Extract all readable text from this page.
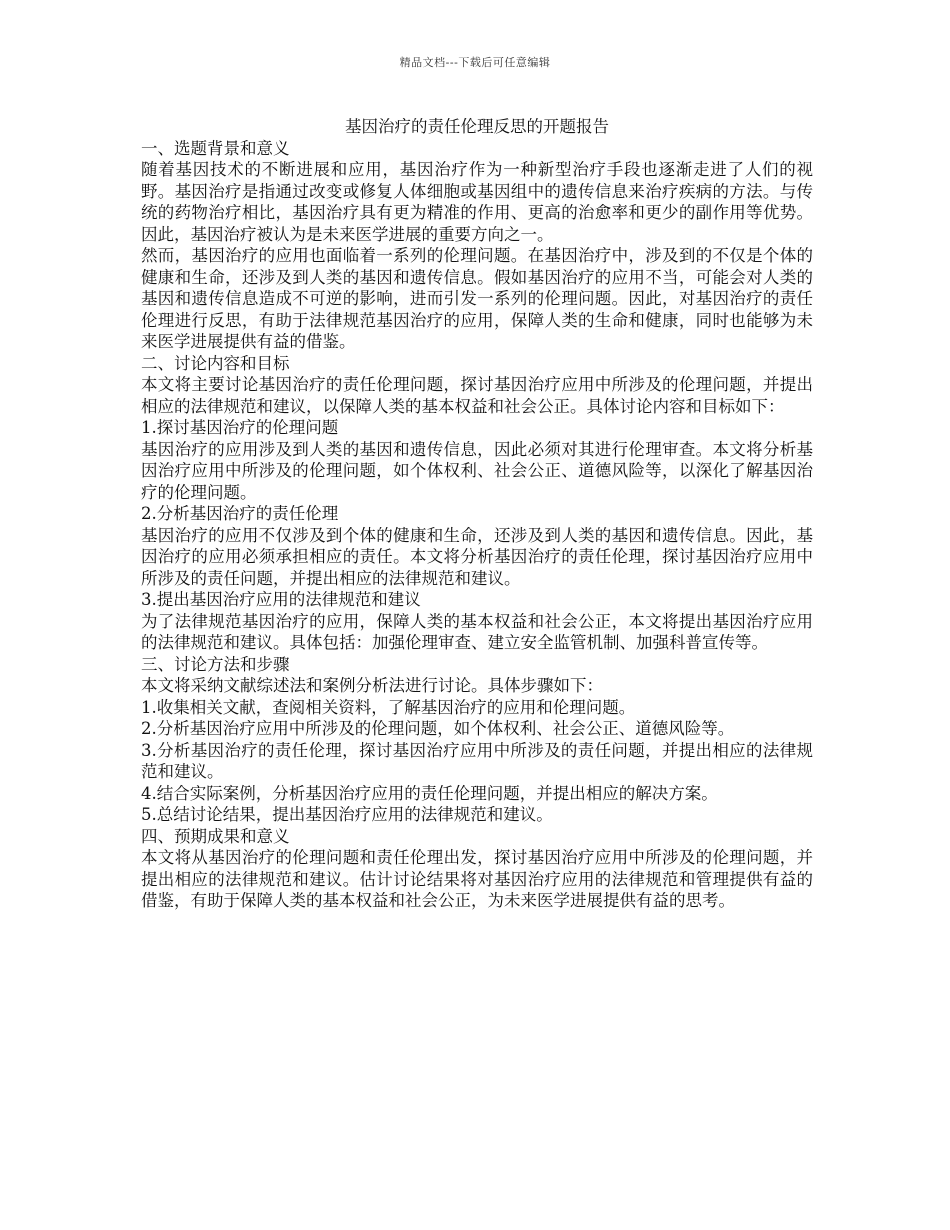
精品文档---下载后可任意编辑
基因治疗的责任伦理反思的开题报告
一、选题背景和意义
随着基因技术的不断进展和应用，基因治疗作为一种新型治疗手段也逐渐走进了人们的视野。基因治疗是指通过改变或修复人体细胞或基因组中的遗传信息来治疗疾病的方法。与传统的药物治疗相比，基因治疗具有更为精准的作用、更高的治愈率和更少的副作用等优势。因此，基因治疗被认为是未来医学进展的重要方向之一。
然而，基因治疗的应用也面临着一系列的伦理问题。在基因治疗中，涉及到的不仅是个体的健康和生命，还涉及到人类的基因和遗传信息。假如基因治疗的应用不当，可能会对人类的基因和遗传信息造成不可逆的影响，进而引发一系列的伦理问题。因此，对基因治疗的责任伦理进行反思，有助于法律规范基因治疗的应用，保障人类的生命和健康，同时也能够为未来医学进展提供有益的借鉴。
二、讨论内容和目标
本文将主要讨论基因治疗的责任伦理问题，探讨基因治疗应用中所涉及的伦理问题，并提出相应的法律规范和建议，以保障人类的基本权益和社会公正。具体讨论内容和目标如下：
1.探讨基因治疗的伦理问题
基因治疗的应用涉及到人类的基因和遗传信息，因此必须对其进行伦理审查。本文将分析基因治疗应用中所涉及的伦理问题，如个体权利、社会公正、道德风险等，以深化了解基因治疗的伦理问题。
2.分析基因治疗的责任伦理
基因治疗的应用不仅涉及到个体的健康和生命，还涉及到人类的基因和遗传信息。因此，基因治疗的应用必须承担相应的责任。本文将分析基因治疗的责任伦理，探讨基因治疗应用中所涉及的责任问题，并提出相应的法律规范和建议。
3.提出基因治疗应用的法律规范和建议
为了法律规范基因治疗的应用，保障人类的基本权益和社会公正，本文将提出基因治疗应用的法律规范和建议。具体包括：加强伦理审查、建立安全监管机制、加强科普宣传等。
三、讨论方法和步骤
本文将采纳文献综述法和案例分析法进行讨论。具体步骤如下：
1.收集相关文献，查阅相关资料，了解基因治疗的应用和伦理问题。
2.分析基因治疗应用中所涉及的伦理问题，如个体权利、社会公正、道德风险等。
3.分析基因治疗的责任伦理，探讨基因治疗应用中所涉及的责任问题，并提出相应的法律规范和建议。
4.结合实际案例，分析基因治疗应用的责任伦理问题，并提出相应的解决方案。
5.总结讨论结果，提出基因治疗应用的法律规范和建议。
四、预期成果和意义
本文将从基因治疗的伦理问题和责任伦理出发，探讨基因治疗应用中所涉及的伦理问题，并提出相应的法律规范和建议。估计讨论结果将对基因治疗应用的法律规范和管理提供有益的借鉴，有助于保障人类的基本权益和社会公正，为未来医学进展提供有益的思考。
